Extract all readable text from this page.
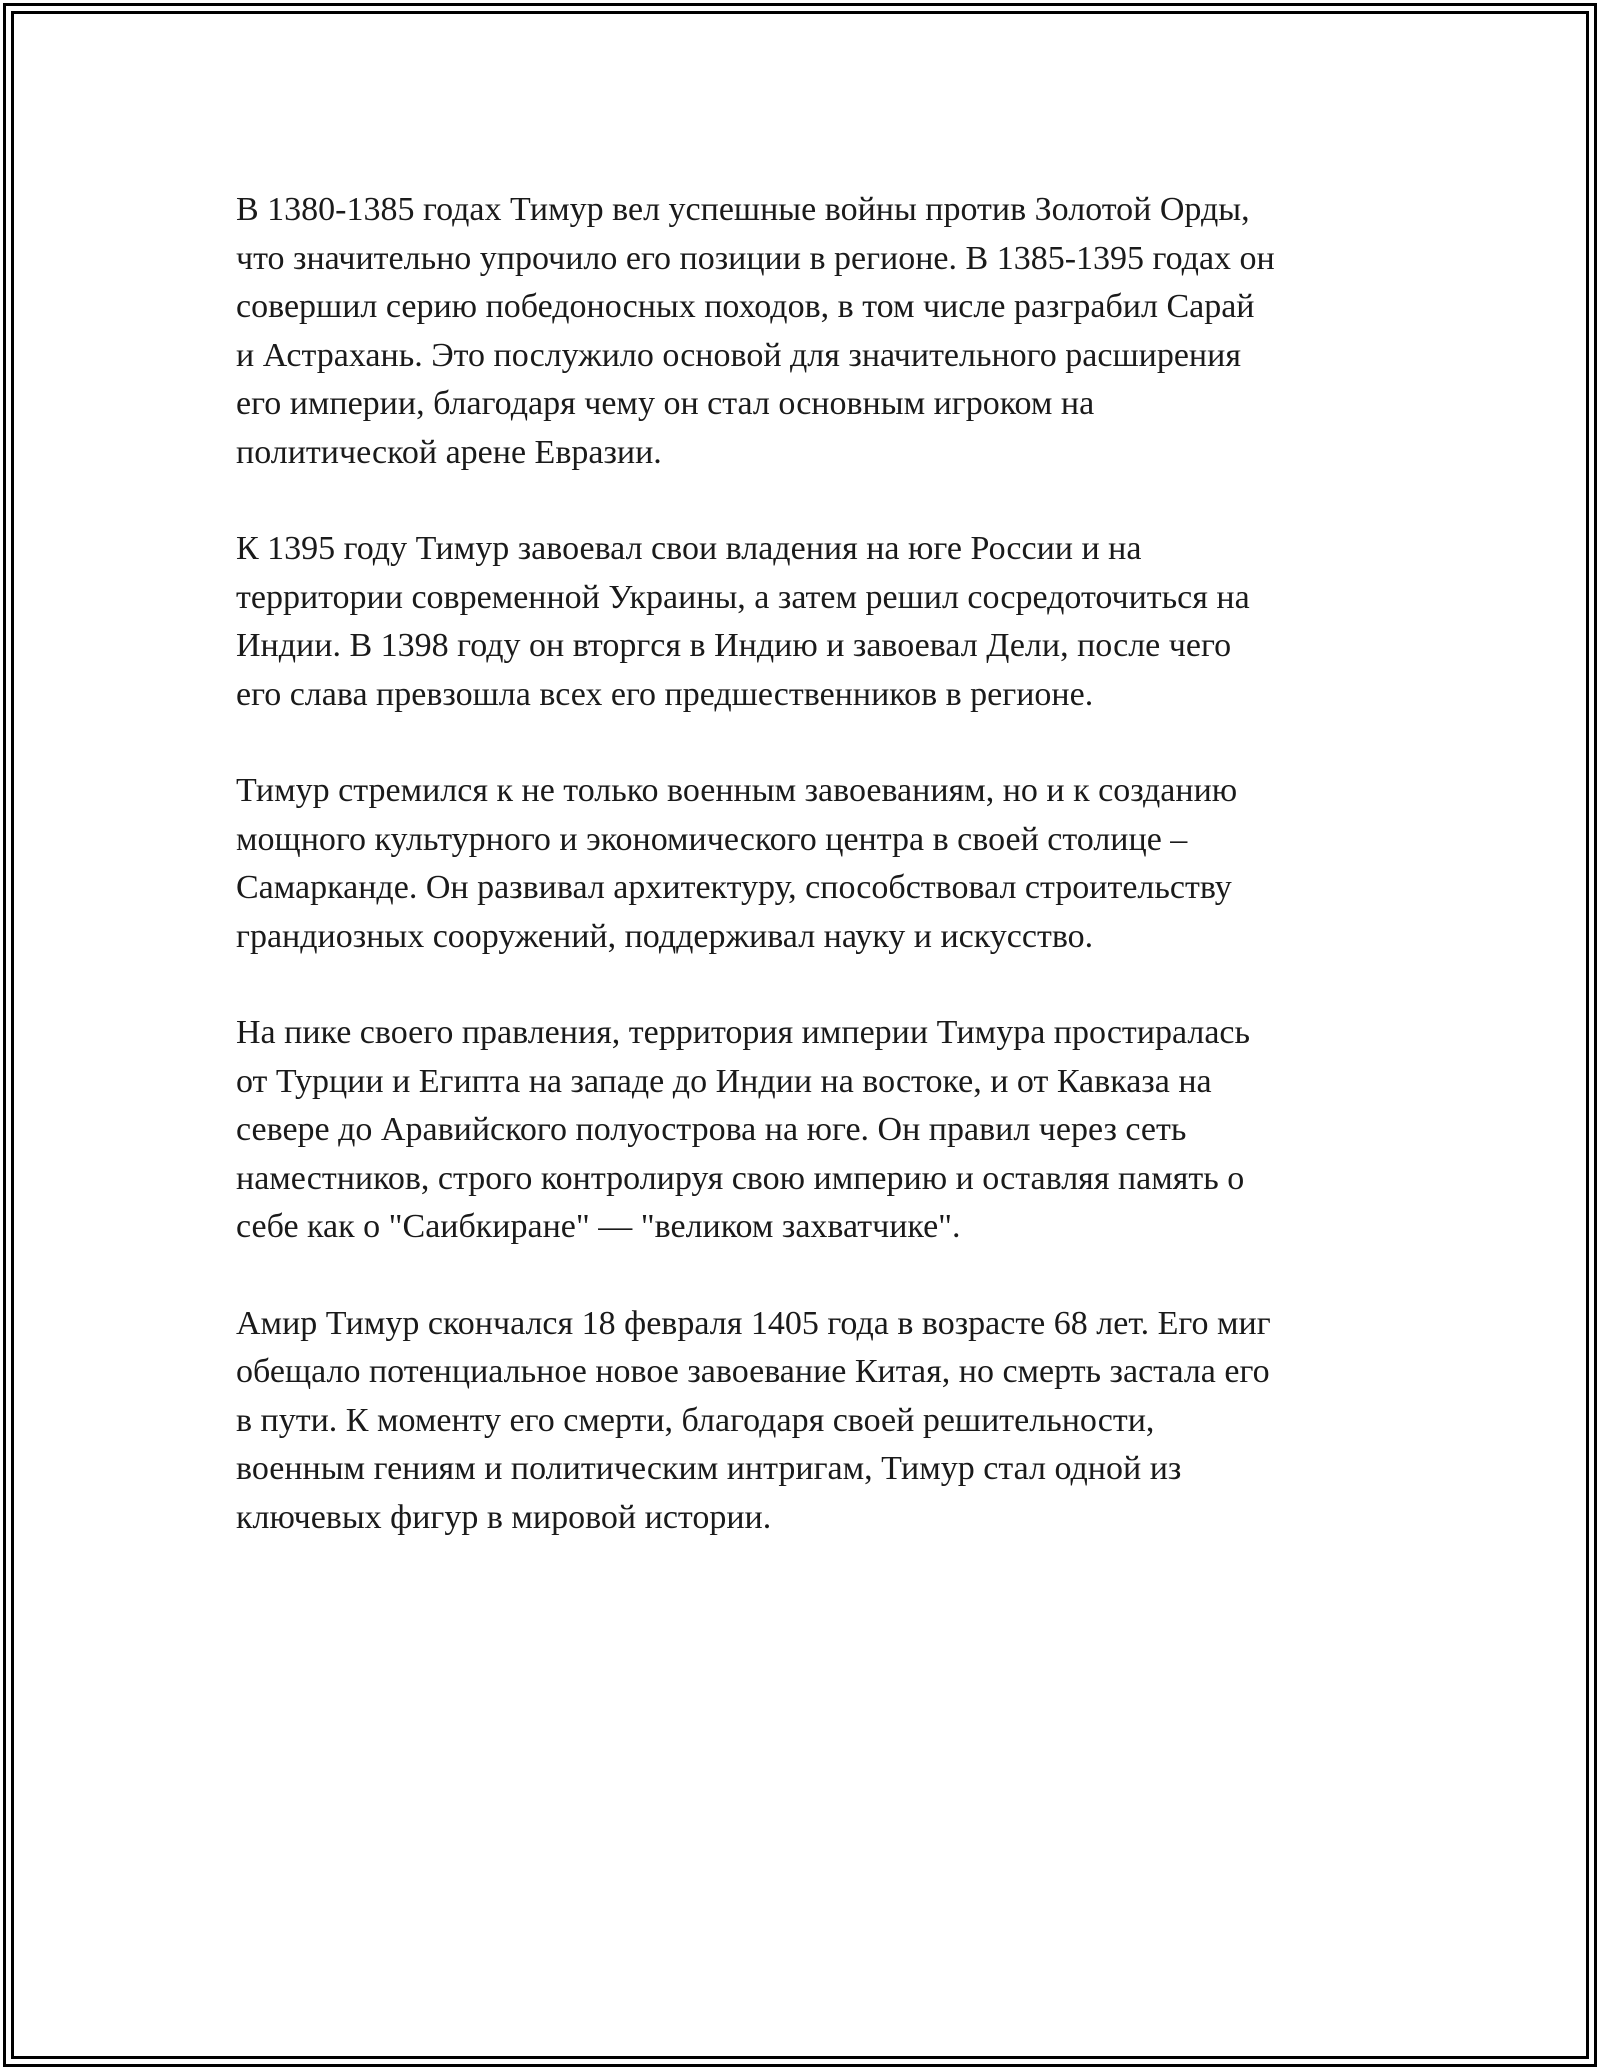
В 1380-1385 годах Тимур вел успешные войны против Золотой Орды,
что значительно упрочило его позиции в регионе. В 1385-1395 годах он
совершил серию победоносных походов, в том числе разграбил Сарай
и Астрахань. Это послужило основой для значительного расширения
его империи, благодаря чему он стал основным игроком на
политической арене Евразии.

К 1395 году Тимур завоевал свои владения на юге России и на
территории современной Украины, а затем решил сосредоточиться на
Индии. В 1398 году он вторгся в Индию и завоевал Дели, после чего
его слава превзошла всех его предшественников в регионе.

Тимур стремился к не только военным завоеваниям, но и к созданию
мощного культурного и экономического центра в своей столице –
Самарканде. Он развивал архитектуру, способствовал строительству
грандиозных сооружений, поддерживал науку и искусство.

На пике своего правления, территория империи Тимура простиралась
от Турции и Египта на западе до Индии на востоке, и от Кавказа на
севере до Аравийского полуострова на юге. Он правил через сеть
наместников, строго контролируя свою империю и оставляя память о
себе как о "Саибкиране" — "великом захватчике".

Амир Тимур скончался 18 февраля 1405 года в возрасте 68 лет. Его миг
обещало потенциальное новое завоевание Китая, но смерть застала его
в пути. К моменту его смерти, благодаря своей решительности,
военным гениям и политическим интригам, Тимур стал одной из
ключевых фигур в мировой истории.
